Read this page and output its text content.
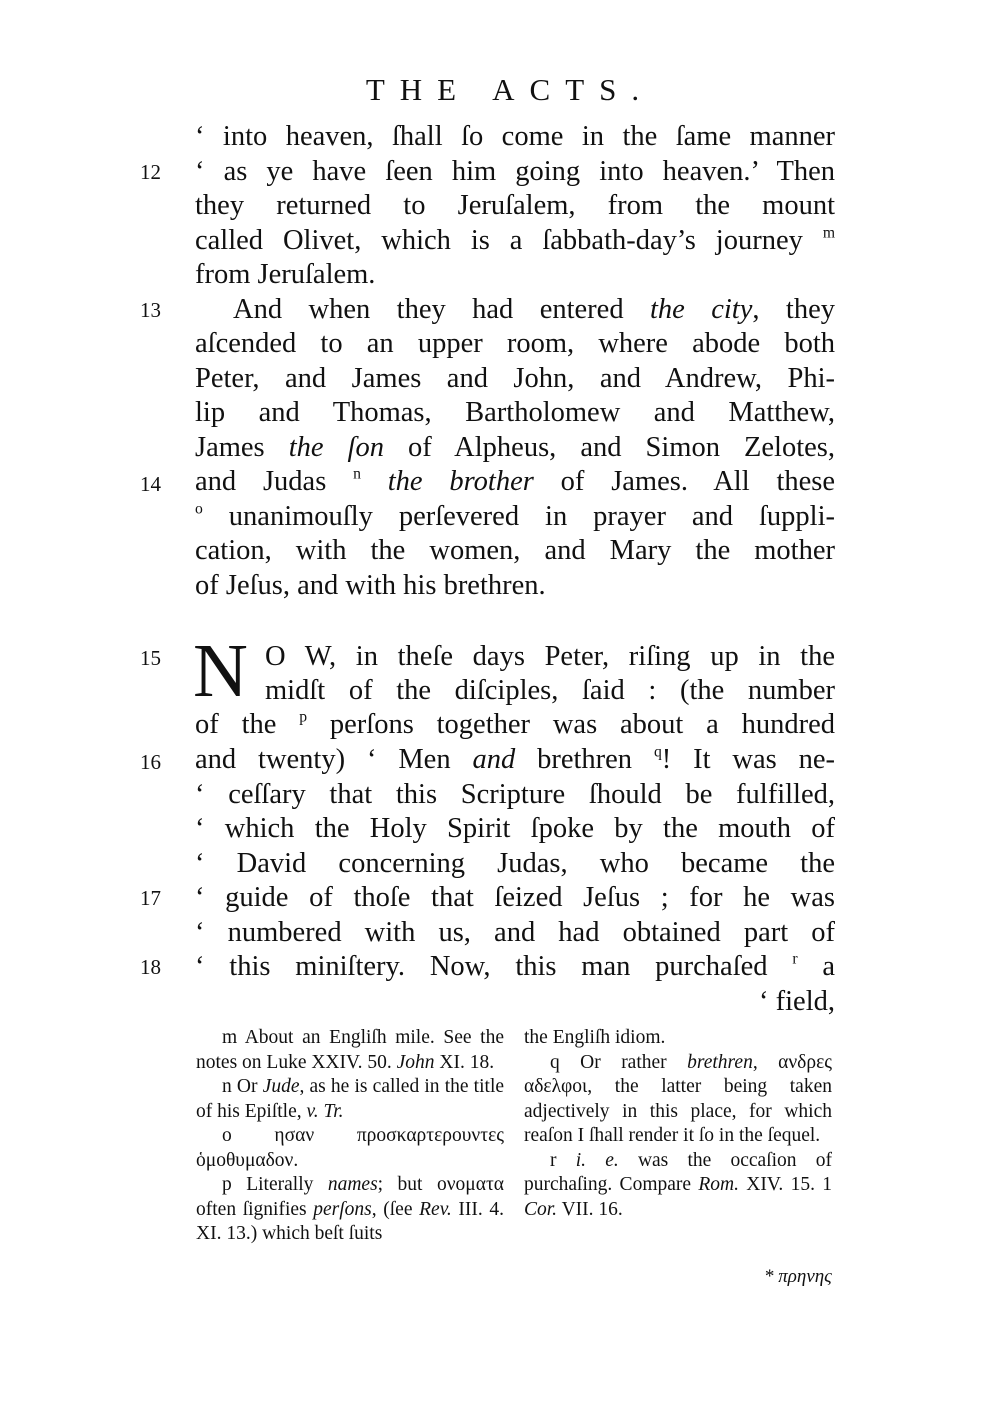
THE ACTS.
12
13
14
15
16
17
18
‘ into heaven, ſhall ſo come in the ſame manner
‘ as ye have ſeen him going into heaven.’ Then
they returned to Jeruſalem, from the mount
called Olivet, which is a ſabbath-day’s journey $^m$
from Jeruſalem.
And when they had entered the city, they
aſcended to an upper room, where abode both
Peter, and James and John, and Andrew, Phi-
lip and Thomas, Bartholomew and Matthew,
James the ſon of Alpheus, and Simon Zelotes,
and Judas $^n$ the brother of James. All these
$^o$ unanimouſly perſevered in prayer and ſuppli-
cation, with the women, and Mary the mother
of Jeſus, and with his brethren.
N O W, in theſe days Peter, riſing up in the
midſt of the diſciples, ſaid : (the number
of the $^p$ perſons together was about a hundred
and twenty) ‘ Men and brethren $^q$! It was ne-
‘ ceſſary that this Scripture ſhould be fulfilled,
‘ which the Holy Spirit ſpoke by the mouth of
‘ David concerning Judas, who became the
‘ guide of thoſe that ſeized Jeſus ; for he was
‘ numbered with us, and had obtained part of
‘ this miniſtery. Now, this man purchaſed $^r$ a
‘ field,

m About an Engliſh mile. See the notes on Luke XXIV. 50. John XI. 18.

n Or Jude, as he is called in the title of his Epiſtle, v. Tr.

o ησαν προσκαρτερουντες ὁμοθυμαδον.

p Literally names; but ονοματα often ſignifies perſons, (ſee Rev. III. 4. XI. 13.) which beſt ſuits

the Engliſh idiom.

q Or rather brethren, ανδρες αδελφοι, the latter being taken adjectively in this place, for which reaſon I ſhall render it ſo in the ſequel.

r i. e. was the occaſion of purchaſing. Compare Rom. XIV. 15. 1 Cor. VII. 16.

* πρηνης
